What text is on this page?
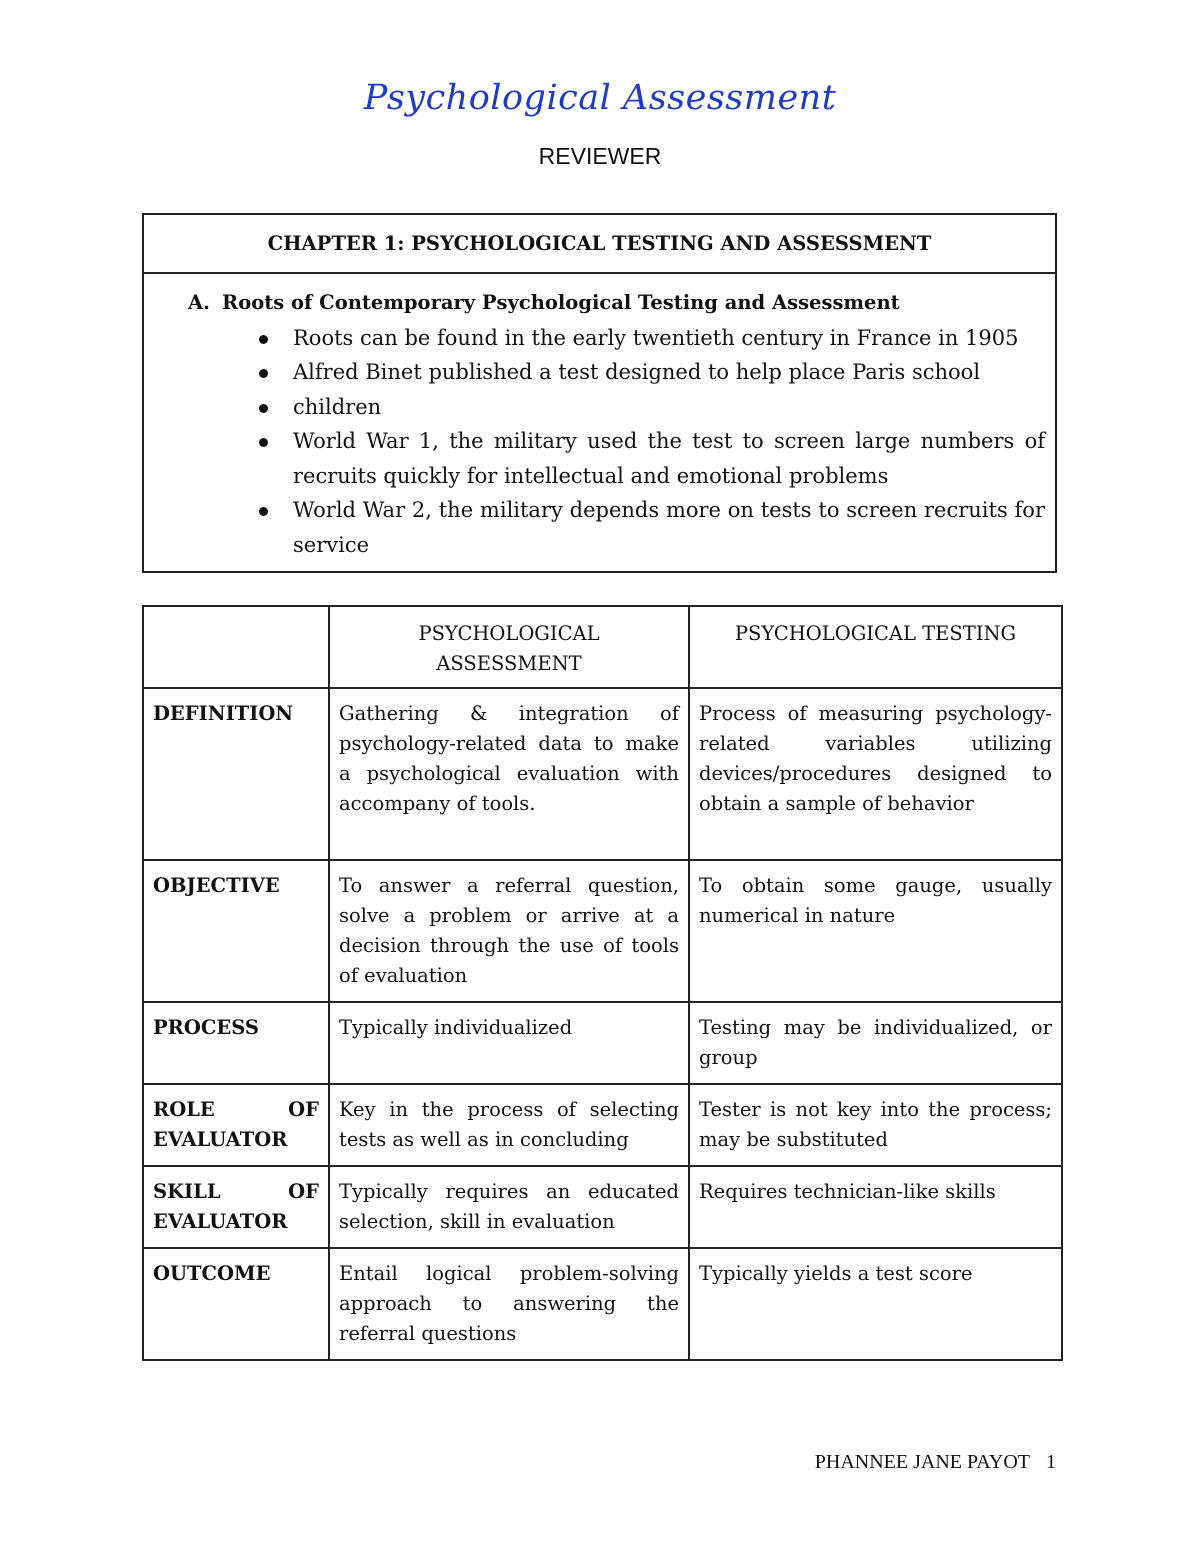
Psychological Assessment
REVIEWER
CHAPTER 1: PSYCHOLOGICAL TESTING AND ASSESSMENT
A. Roots of Contemporary Psychological Testing and Assessment
Roots can be found in the early twentieth century in France in 1905
Alfred Binet published a test designed to help place Paris school
children
World War 1, the military used the test to screen large numbers of recruits quickly for intellectual and emotional problems
World War 2, the military depends more on tests to screen recruits for service
	PSYCHOLOGICAL ASSESSMENT	PSYCHOLOGICAL TESTING
DEFINITION	Gathering & integration of psychology-related data to make a psychological evaluation with accompany of tools.	Process of measuring psychology-related variables utilizing devices/procedures designed to obtain a sample of behavior
OBJECTIVE	To answer a referral question, solve a problem or arrive at a decision through the use of tools of evaluation	To obtain some gauge, usually numerical in nature
PROCESS	Typically individualized	Testing may be individualized, or group
ROLE OF EVALUATOR	Key in the process of selecting tests as well as in concluding	Tester is not key into the process; may be substituted
SKILL OF EVALUATOR	Typically requires an educated selection, skill in evaluation	Requires technician-like skills
OUTCOME	Entail logical problem-solving approach to answering the referral questions	Typically yields a test score
PHANNEE JANE PAYOT 1
